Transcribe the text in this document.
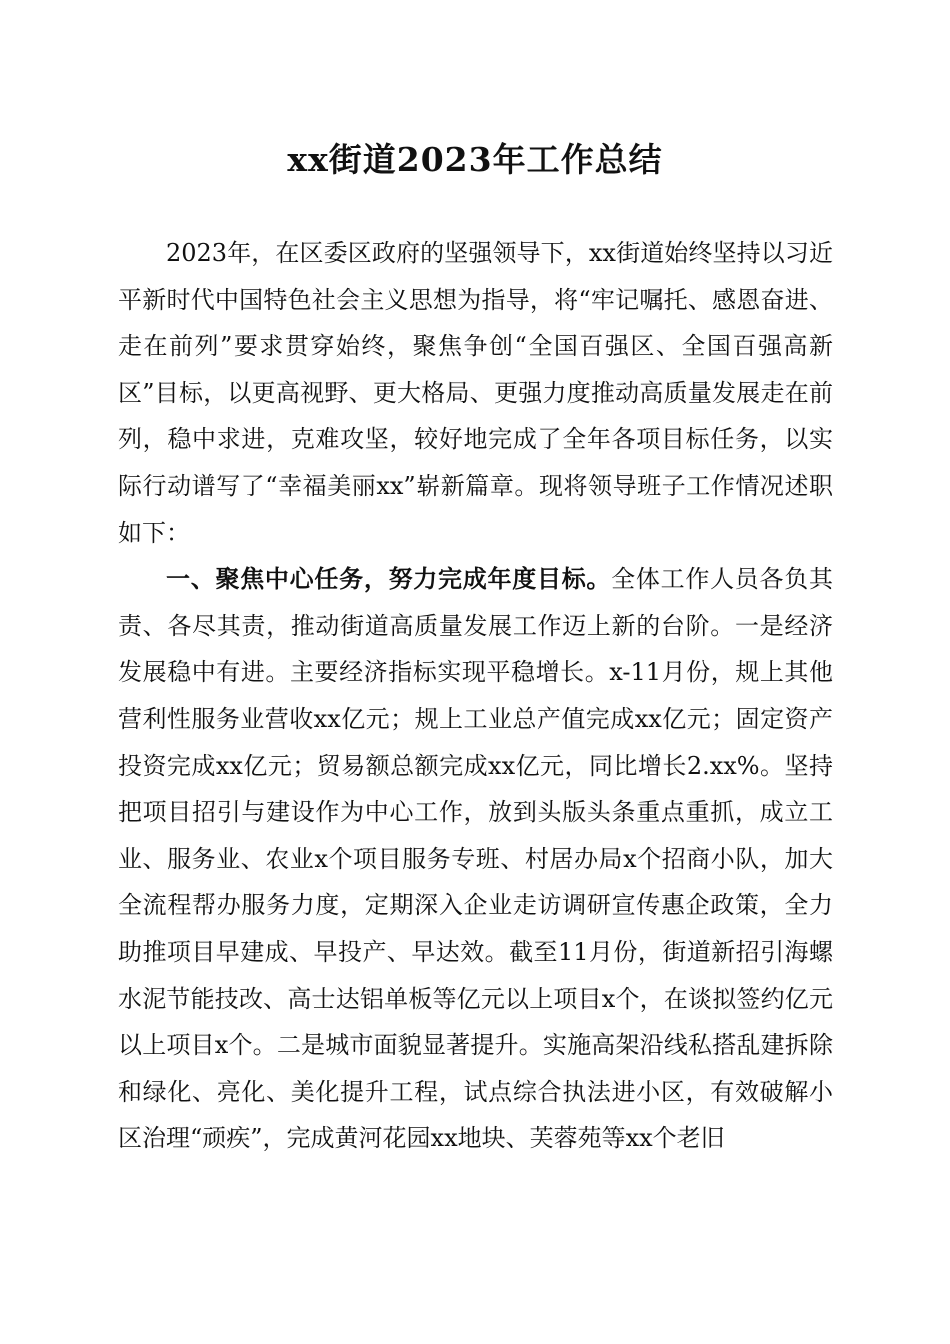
xx街道2023年工作总结

2023年，在区委区政府的坚强领导下，xx街道始终坚持以习近平新时代中国特色社会主义思想为指导，将“牢记嘱托、感恩奋进、走在前列”要求贯穿始终，聚焦争创“全国百强区、全国百强高新区”目标，以更高视野、更大格局、更强力度推动高质量发展走在前列，稳中求进，克难攻坚，较好地完成了全年各项目标任务，以实际行动谱写了“幸福美丽xx”崭新篇章。现将领导班子工作情况述职如下：

一、聚焦中心任务，努力完成年度目标。全体工作人员各负其责、各尽其责，推动街道高质量发展工作迈上新的台阶。一是经济发展稳中有进。主要经济指标实现平稳增长。x-11月份，规上其他营利性服务业营收xx亿元；规上工业总产值完成xx亿元；固定资产投资完成xx亿元；贸易额总额完成xx亿元，同比增长2.xx%。坚持把项目招引与建设作为中心工作，放到头版头条重点重抓，成立工业、服务业、农业x个项目服务专班、村居办局x个招商小队，加大全流程帮办服务力度，定期深入企业走访调研宣传惠企政策，全力助推项目早建成、早投产、早达效。截至11月份，街道新招引海螺水泥节能技改、高士达铝单板等亿元以上项目x个，在谈拟签约亿元以上项目x个。二是城市面貌显著提升。实施高架沿线私搭乱建拆除和绿化、亮化、美化提升工程，试点综合执法进小区，有效破解小区治理“顽疾”，完成黄河花园xx地块、芙蓉苑等xx个老旧
